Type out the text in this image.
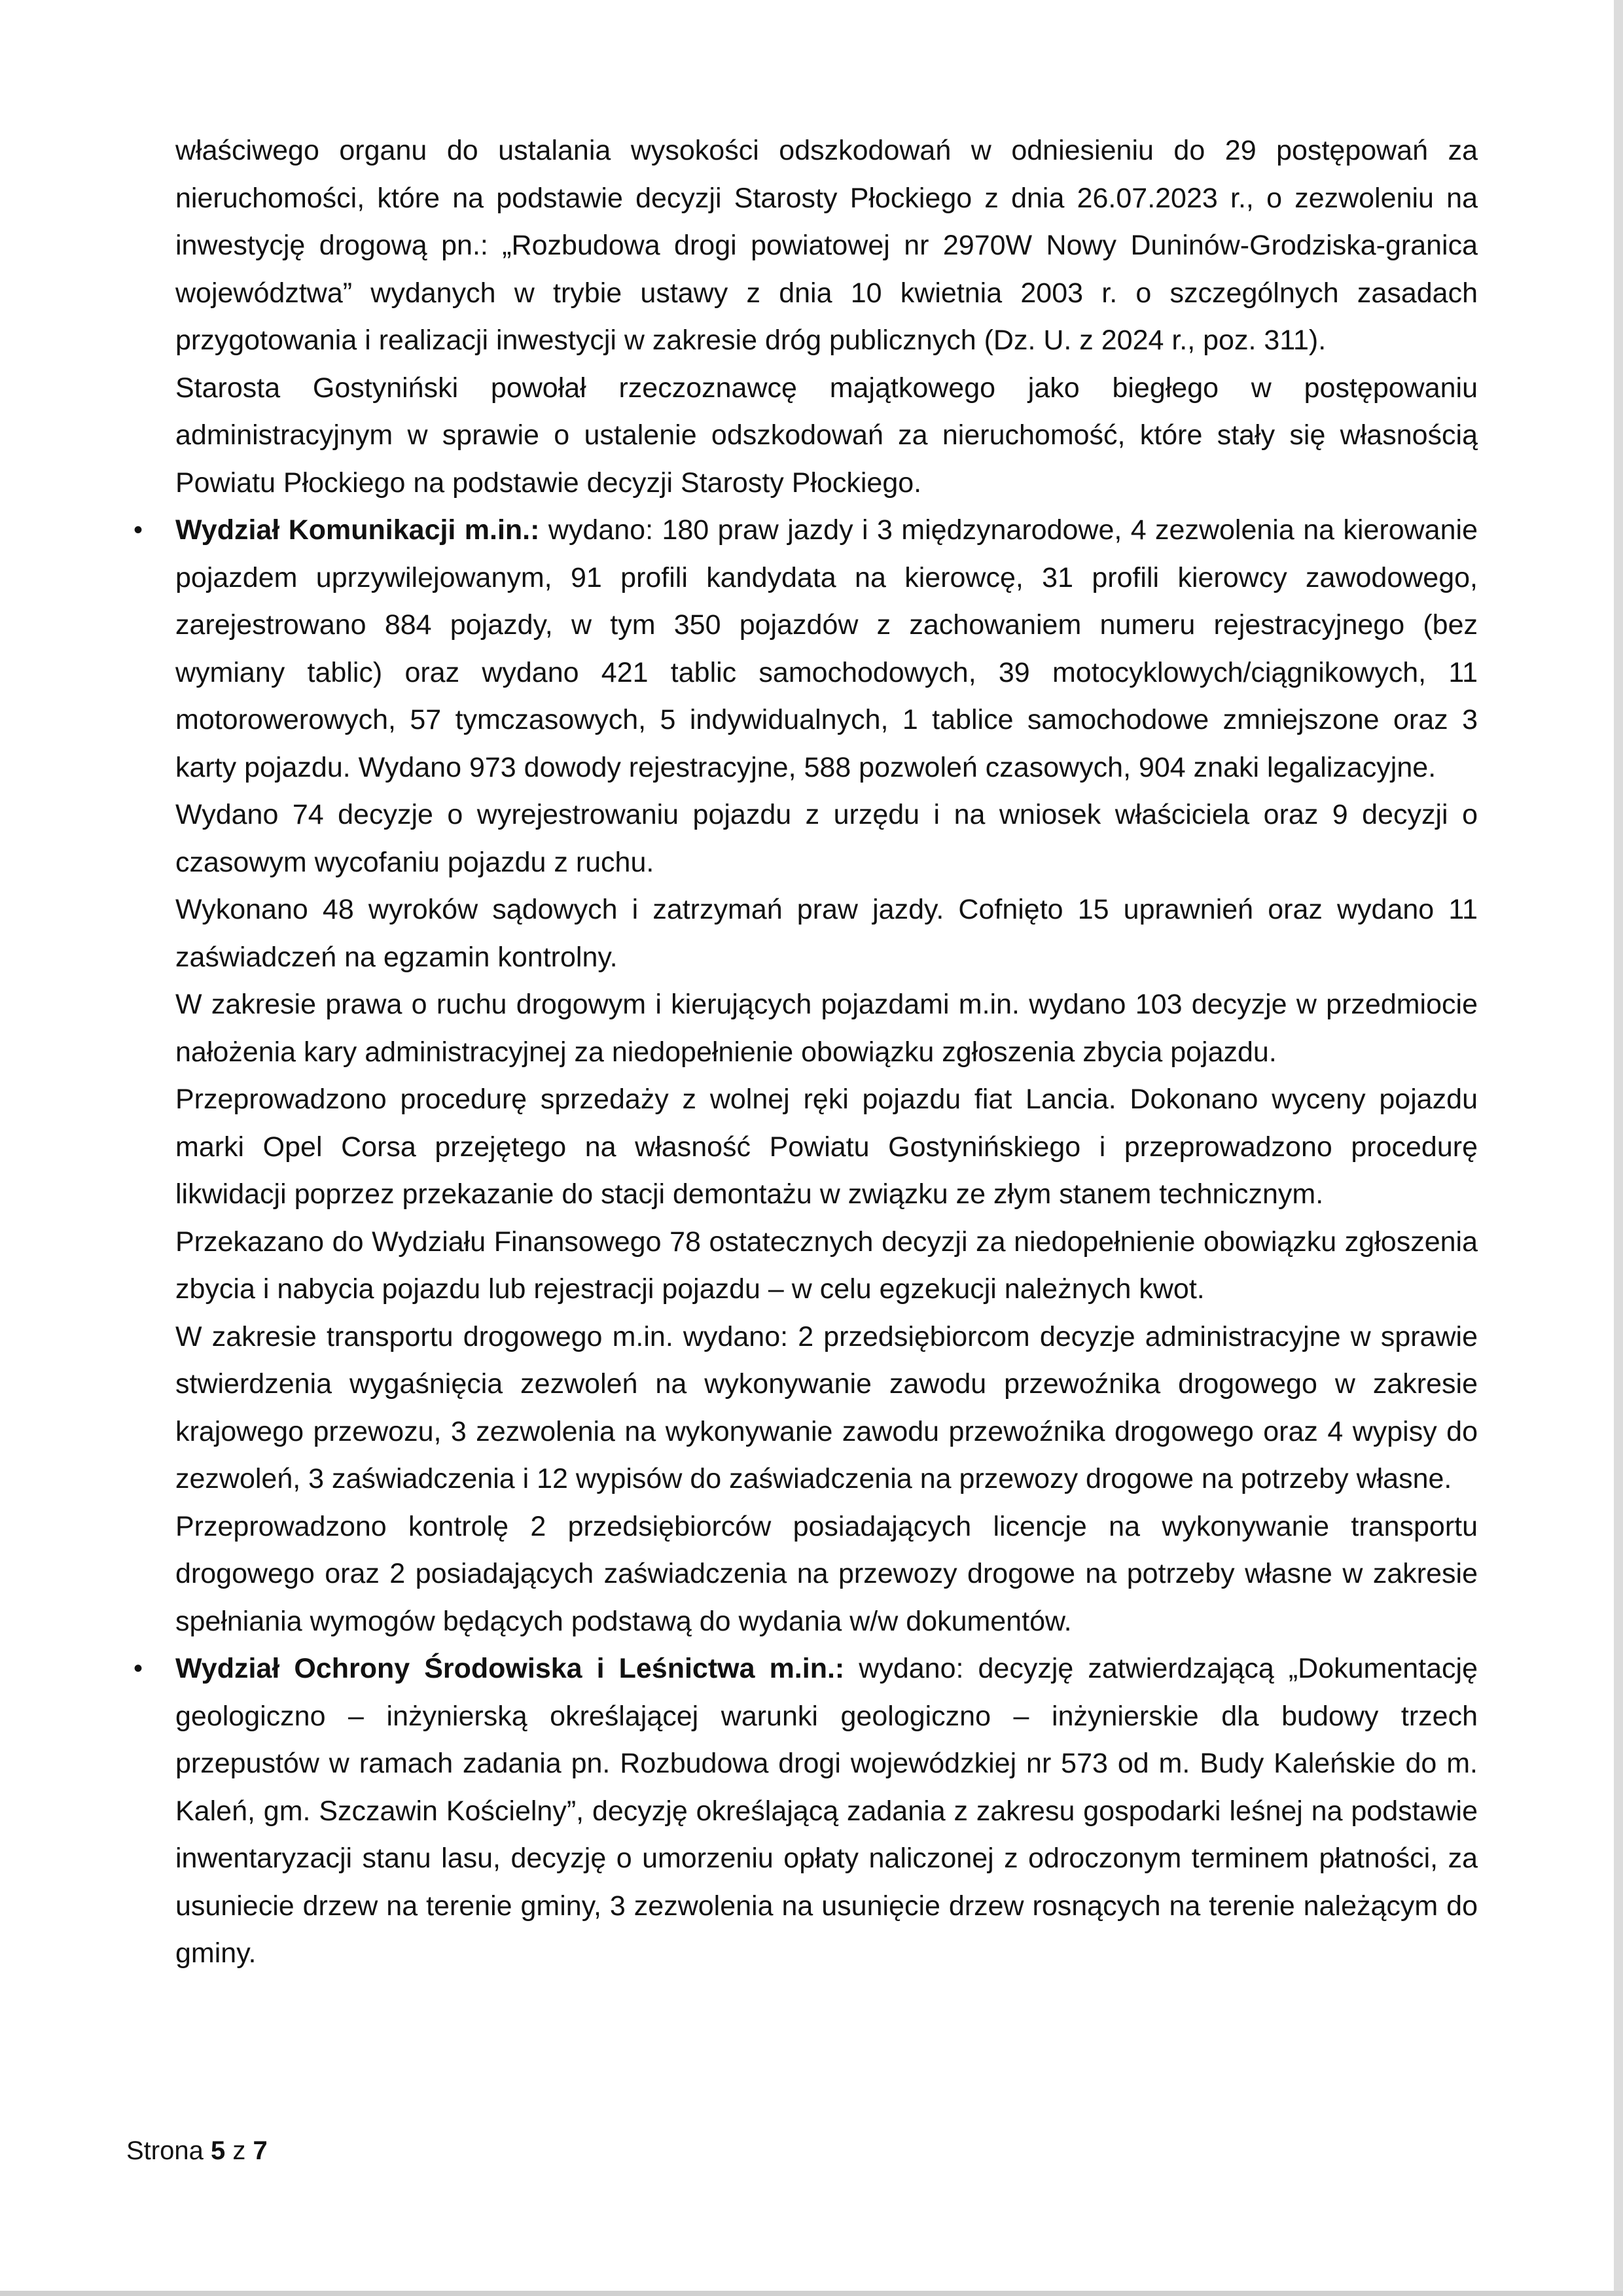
właściwego organu do ustalania wysokości odszkodowań w odniesieniu do 29 postępowań za nieruchomości, które na podstawie decyzji Starosty Płockiego z dnia 26.07.2023 r., o zezwoleniu na inwestycję drogową pn.: „Rozbudowa drogi powiatowej nr 2970W Nowy Duninów-Grodziska-granica województwa” wydanych w trybie ustawy z dnia 10 kwietnia 2003 r. o szczególnych zasadach przygotowania i realizacji inwestycji w zakresie dróg publicznych (Dz. U. z 2024 r., poz. 311).

Starosta Gostyniński powołał rzeczoznawcę majątkowego jako biegłego w postępowaniu administracyjnym w sprawie o ustalenie odszkodowań za nieruchomość, które stały się własnością Powiatu Płockiego na podstawie decyzji Starosty Płockiego.

• Wydział Komunikacji m.in.: wydano: 180 praw jazdy i 3 międzynarodowe, 4 zezwolenia na kierowanie pojazdem uprzywilejowanym, 91 profili kandydata na kierowcę, 31 profili kierowcy zawodowego, zarejestrowano 884 pojazdy, w tym 350 pojazdów z zachowaniem numeru rejestracyjnego (bez wymiany tablic) oraz wydano 421 tablic samochodowych, 39 motocyklowych/ciągnikowych, 11 motorowerowych, 57 tymczasowych, 5 indywidualnych, 1 tablice samochodowe zmniejszone oraz 3 karty pojazdu. Wydano 973 dowody rejestracyjne, 588 pozwoleń czasowych, 904 znaki legalizacyjne.

Wydano 74 decyzje o wyrejestrowaniu pojazdu z urzędu i na wniosek właściciela oraz 9 decyzji o czasowym wycofaniu pojazdu z ruchu.

Wykonano 48 wyroków sądowych i zatrzymań praw jazdy. Cofnięto 15 uprawnień oraz wydano 11 zaświadczeń na egzamin kontrolny.

W zakresie prawa o ruchu drogowym i kierujących pojazdami m.in. wydano 103 decyzje w przedmiocie nałożenia kary administracyjnej za niedopełnienie obowiązku zgłoszenia zbycia pojazdu.

Przeprowadzono procedurę sprzedaży z wolnej ręki pojazdu fiat Lancia. Dokonano wyceny pojazdu marki Opel Corsa przejętego na własność Powiatu Gostynińskiego i przeprowadzono procedurę likwidacji poprzez przekazanie do stacji demontażu w związku ze złym stanem technicznym.

Przekazano do Wydziału Finansowego 78 ostatecznych decyzji za niedopełnienie obowiązku zgłoszenia zbycia i nabycia pojazdu lub rejestracji pojazdu – w celu egzekucji należnych kwot.

W zakresie transportu drogowego m.in. wydano: 2 przedsiębiorcom decyzje administracyjne w sprawie stwierdzenia wygaśnięcia zezwoleń na wykonywanie zawodu przewoźnika drogowego w zakresie krajowego przewozu, 3 zezwolenia na wykonywanie zawodu przewoźnika drogowego oraz 4 wypisy do zezwoleń, 3 zaświadczenia i 12 wypisów do zaświadczenia na przewozy drogowe na potrzeby własne.

Przeprowadzono kontrolę 2 przedsiębiorców posiadających licencje na wykonywanie transportu drogowego oraz 2 posiadających zaświadczenia na przewozy drogowe na potrzeby własne w zakresie spełniania wymogów będących podstawą do wydania w/w dokumentów.

• Wydział Ochrony Środowiska i Leśnictwa m.in.: wydano: decyzję zatwierdzającą „Dokumentację geologiczno – inżynierską określającej warunki geologiczno – inżynierskie dla budowy trzech przepustów w ramach zadania pn. Rozbudowa drogi wojewódzkiej nr 573 od m. Budy Kaleńskie do m. Kaleń, gm. Szczawin Kościelny”, decyzję określającą zadania z zakresu gospodarki leśnej na podstawie inwentaryzacji stanu lasu, decyzję o umorzeniu opłaty naliczonej z odroczonym terminem płatności, za usuniecie drzew na terenie gminy, 3 zezwolenia na usunięcie drzew rosnących na terenie należącym do gminy.

Strona 5 z 7
